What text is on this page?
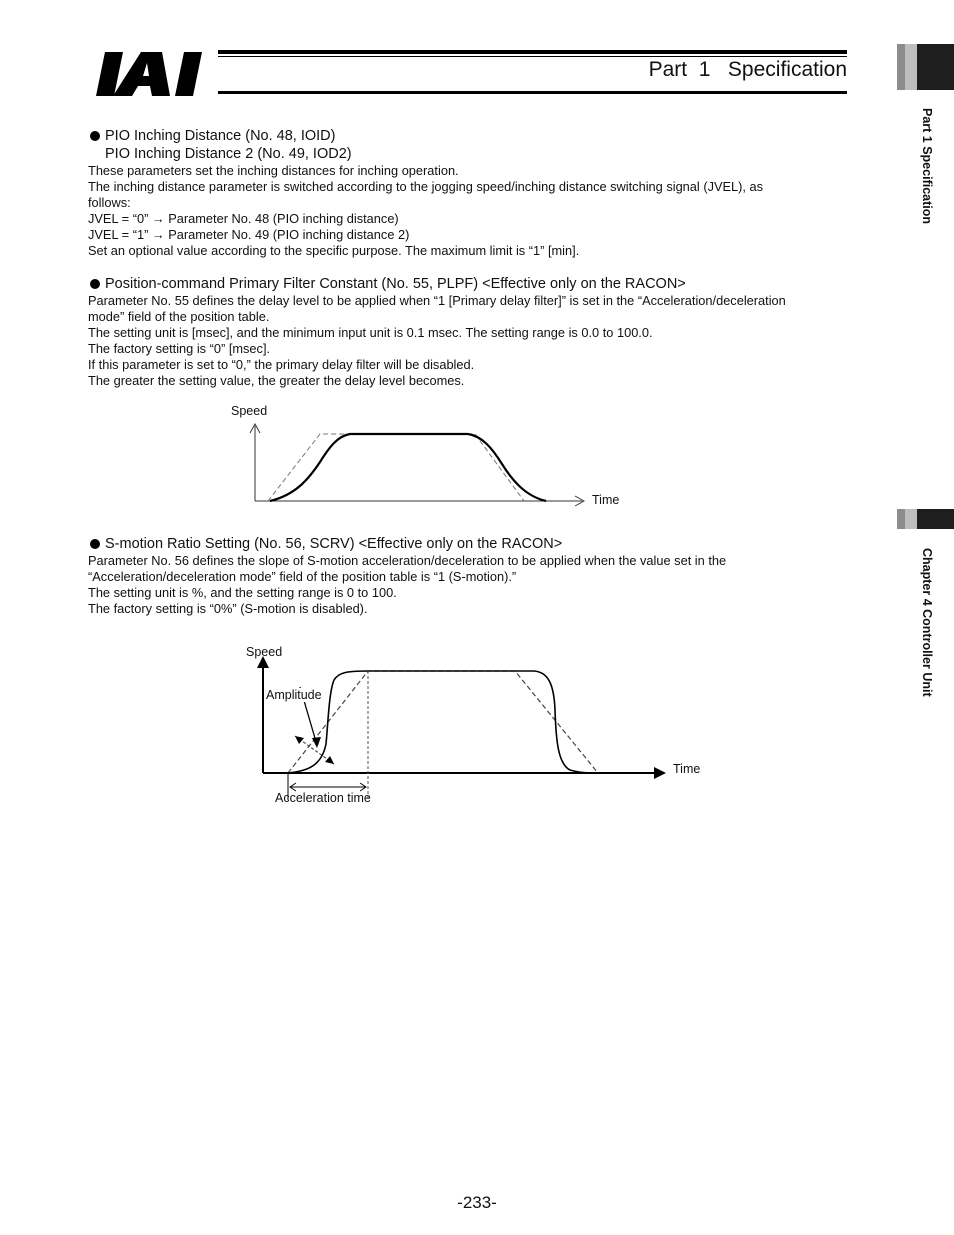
Part  1   Specification
Part 1 Specification
Chapter 4 Controller Unit
PIO Inching Distance (No. 48, IOID)
PIO Inching Distance 2 (No. 49, IOD2)
These parameters set the inching distances for inching operation.
The inching distance parameter is switched according to the jogging speed/inching distance switching signal (JVEL), as
follows:
JVEL = “0” → Parameter No. 48 (PIO inching distance)
JVEL = “1” → Parameter No. 49 (PIO inching distance 2)
Set an optional value according to the specific purpose. The maximum limit is “1” [min].
Position-command Primary Filter Constant (No. 55, PLPF) <Effective only on the RACON>
Parameter No. 55 defines the delay level to be applied when “1 [Primary delay filter]” is set in the “Acceleration/deceleration
mode” field of the position table.
The setting unit is [msec], and the minimum input unit is 0.1 msec. The setting range is 0.0 to 100.0.
The factory setting is “0” [msec].
If this parameter is set to “0,” the primary delay filter will be disabled.
The greater the setting value, the greater the delay level becomes.
Speed
Time
S-motion Ratio Setting (No. 56, SCRV) <Effective only on the RACON>
Parameter No. 56 defines the slope of S-motion acceleration/deceleration to be applied when the value set in the
“Acceleration/deceleration mode” field of the position table is “1 (S-motion).”
The setting unit is %, and the setting range is 0 to 100.
The factory setting is “0%” (S-motion is disabled).
Speed
Time
Amplitude
Acceleration time
-233-
